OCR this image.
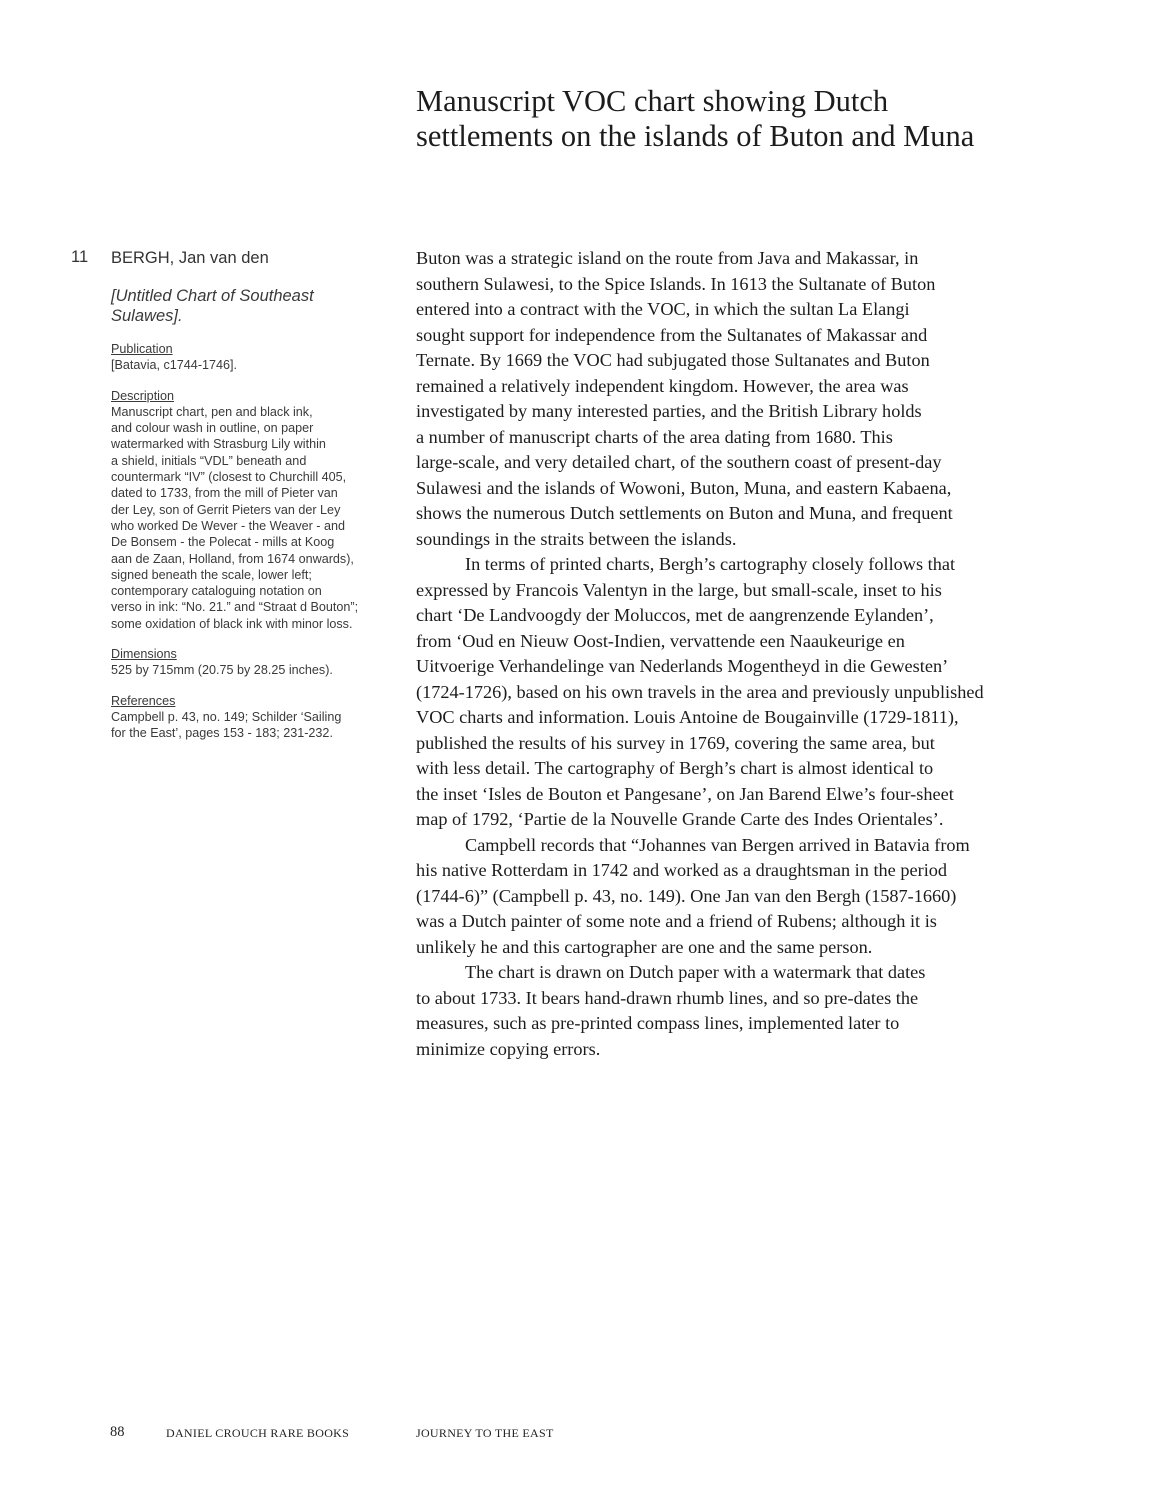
Manuscript VOC chart showing Dutch
settlements on the islands of Buton and Muna
11 BERGH, Jan van den

[Untitled Chart of Southeast
Sulawes].

Publication
[Batavia, c1744-1746].
Description
Manuscript chart, pen and black ink,
and colour wash in outline, on paper
watermarked with Strasburg Lily within
a shield, initials “VDL” beneath and
countermark “IV” (closest to Churchill 405,
dated to 1733, from the mill of Pieter van
der Ley, son of Gerrit Pieters van der Ley
who worked De Wever - the Weaver - and
De Bonsem - the Polecat - mills at Koog
aan de Zaan, Holland, from 1674 onwards),
signed beneath the scale, lower left;
contemporary cataloguing notation on
verso in ink: “No. 21.” and “Straat d Bouton”;
some oxidation of black ink with minor loss.
Dimensions
525 by 715mm (20.75 by 28.25 inches).
References
Campbell p. 43, no. 149; Schilder ‘Sailing
for the East’, pages 153 - 183; 231-232.
Buton was a strategic island on the route from Java and Makassar, in
southern Sulawesi, to the Spice Islands. In 1613 the Sultanate of Buton
entered into a contract with the VOC, in which the sultan La Elangi
sought support for independence from the Sultanates of Makassar and
Ternate. By 1669 the VOC had subjugated those Sultanates and Buton
remained a relatively independent kingdom. However, the area was
investigated by many interested parties, and the British Library holds
a number of manuscript charts of the area dating from 1680. This
large-scale, and very detailed chart, of the southern coast of present-day
Sulawesi and the islands of Wowoni, Buton, Muna, and eastern Kabaena,
shows the numerous Dutch settlements on Buton and Muna, and frequent
soundings in the straits between the islands.
In terms of printed charts, Bergh’s cartography closely follows that
expressed by Francois Valentyn in the large, but small-scale, inset to his
chart ‘De Landvoogdy der Moluccos, met de aangrenzende Eylanden’,
from ‘Oud en Nieuw Oost-Indien, vervattende een Naaukeurige en
Uitvoerige Verhandelinge van Nederlands Mogentheyd in die Gewesten’
(1724-1726), based on his own travels in the area and previously unpublished
VOC charts and information. Louis Antoine de Bougainville (1729-1811),
published the results of his survey in 1769, covering the same area, but
with less detail. The cartography of Bergh’s chart is almost identical to
the inset ‘Isles de Bouton et Pangesane’, on Jan Barend Elwe’s four-sheet
map of 1792, ‘Partie de la Nouvelle Grande Carte des Indes Orientales’.
Campbell records that “Johannes van Bergen arrived in Batavia from
his native Rotterdam in 1742 and worked as a draughtsman in the period
(1744-6)” (Campbell p. 43, no. 149). One Jan van den Bergh (1587-1660)
was a Dutch painter of some note and a friend of Rubens; although it is
unlikely he and this cartographer are one and the same person.
The chart is drawn on Dutch paper with a watermark that dates
to about 1733. It bears hand-drawn rhumb lines, and so pre-dates the
measures, such as pre-printed compass lines, implemented later to
minimize copying errors.
88	DANIEL CROUCH RARE BOOKS	JOURNEY TO THE EAST
